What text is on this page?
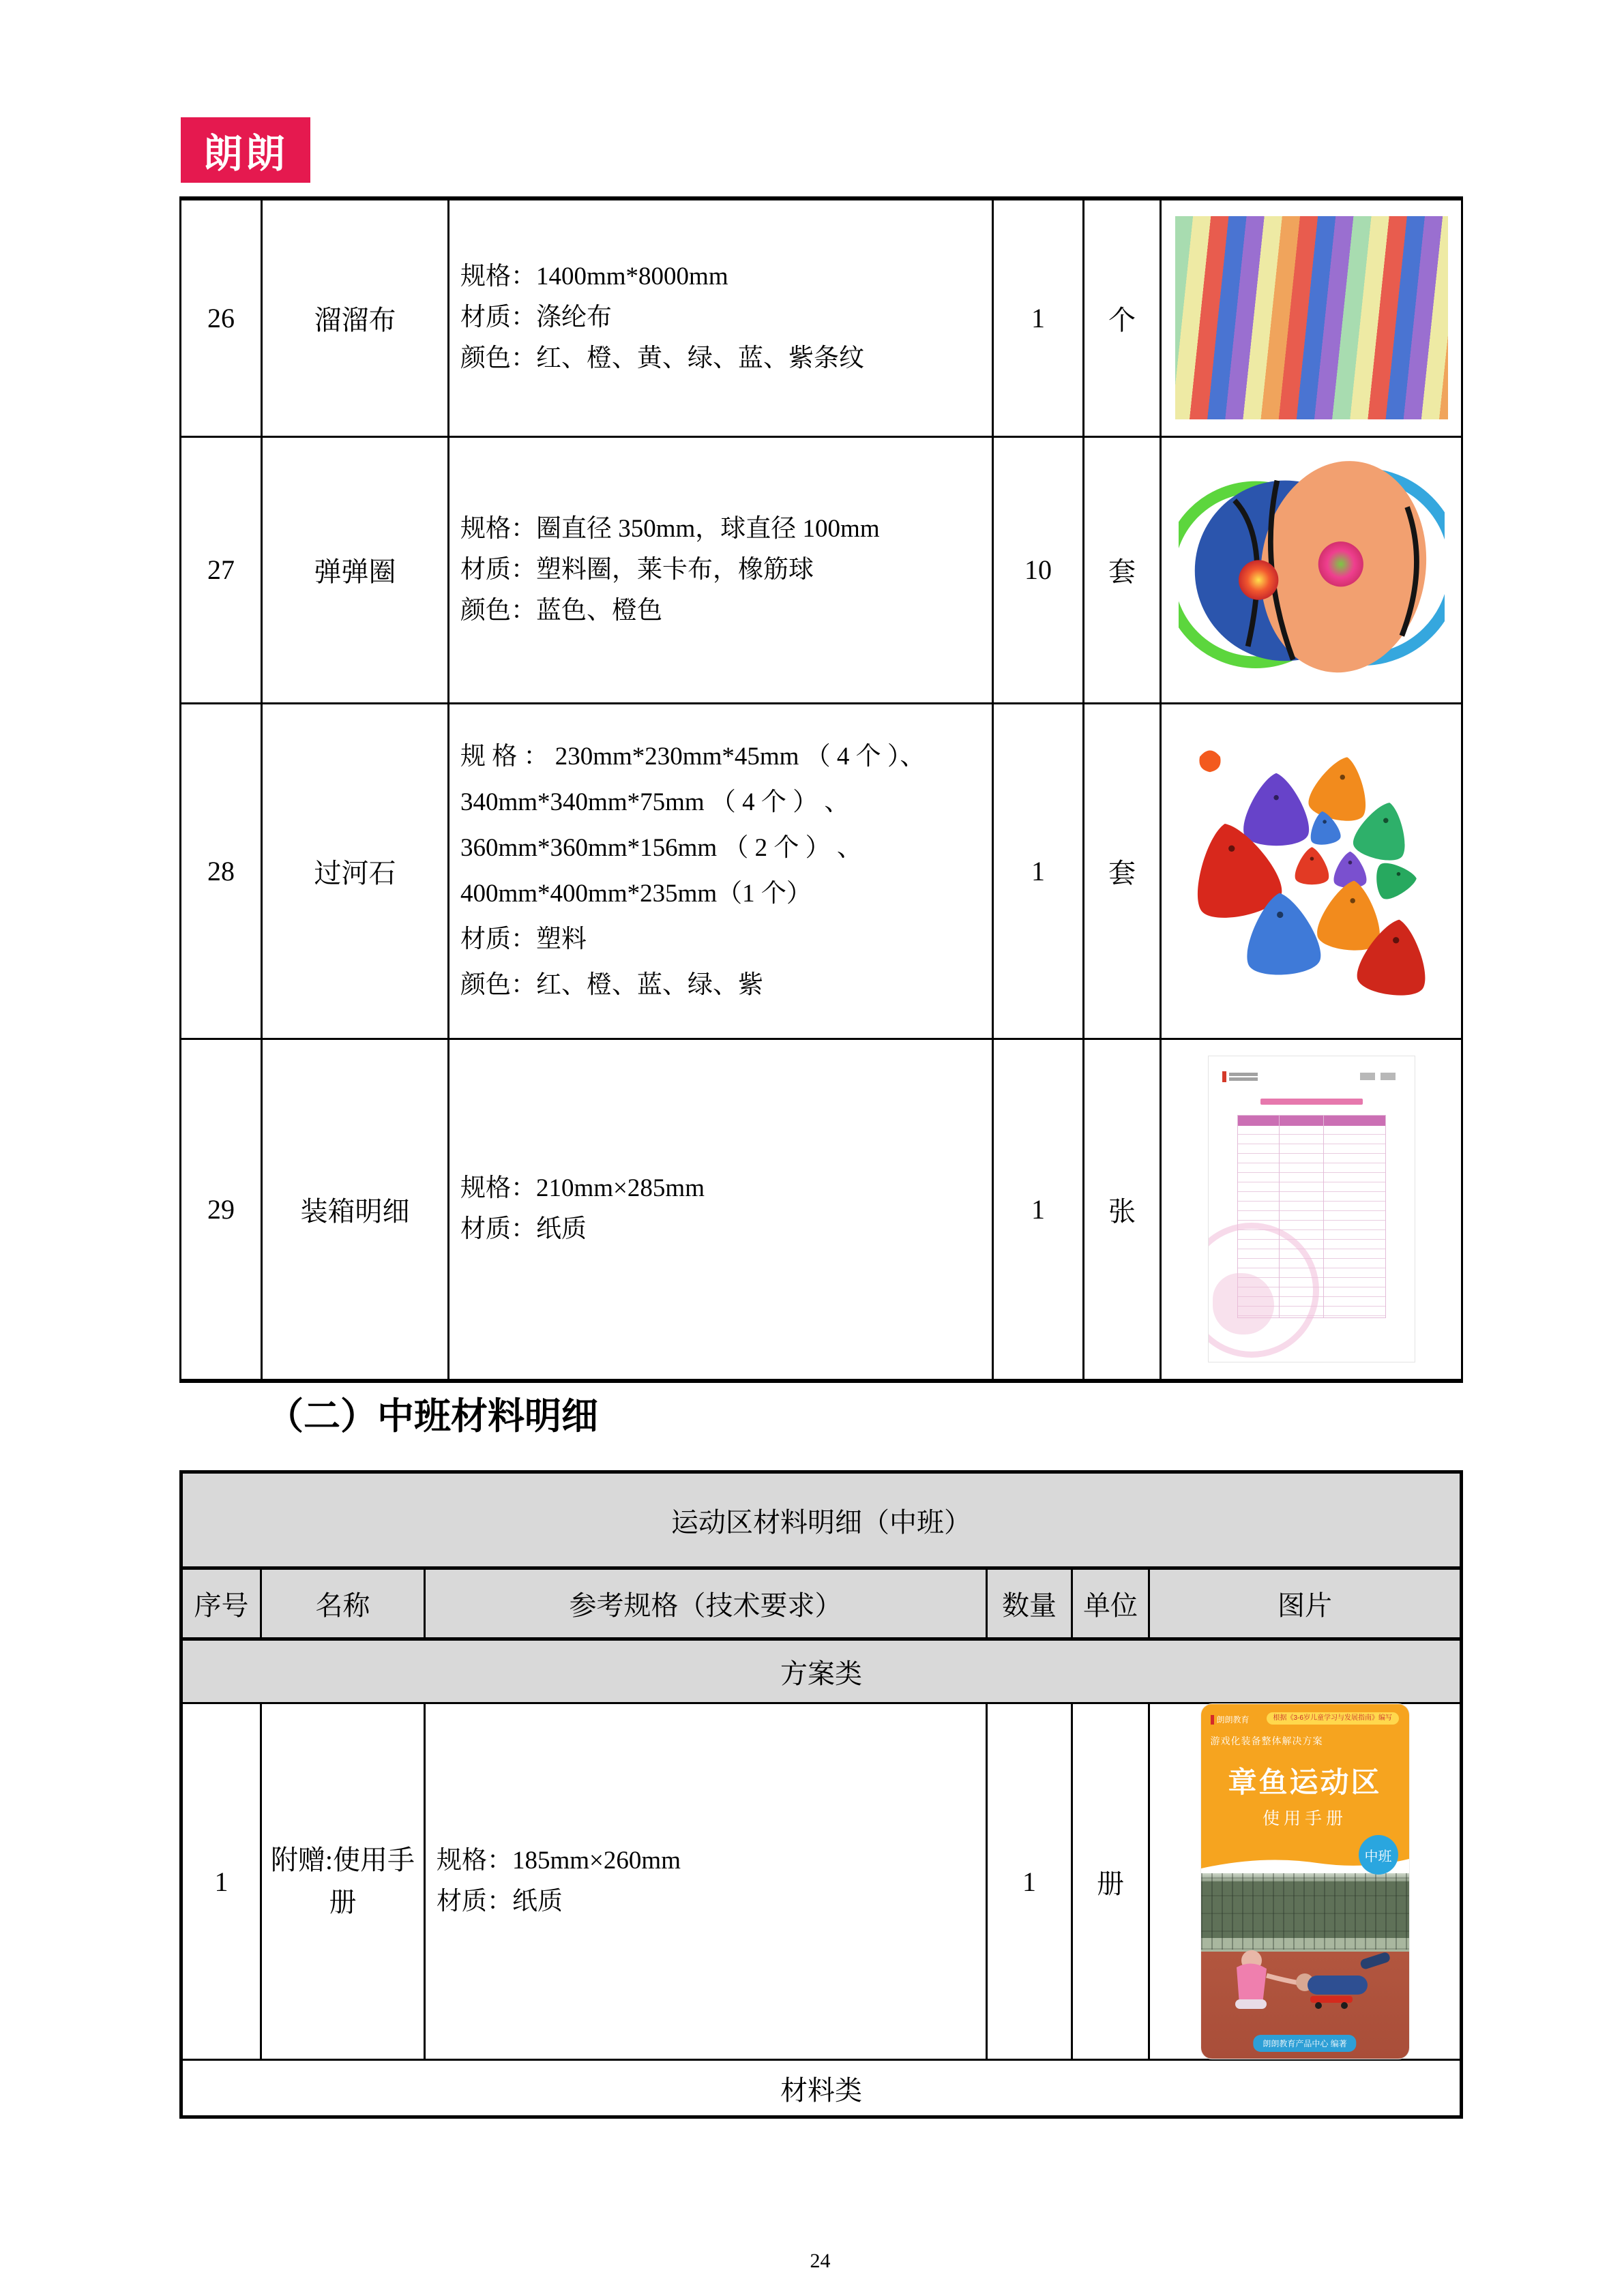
朗朗
26	溜溜布	规格：1400mm*8000mm
材质：涤纶布
颜色：红、橙、黄、绿、蓝、紫条纹	1	个	

27	弹弹圈	规格：圈直径 350mm，球直径 100mm
材质：塑料圈，莱卡布，橡筋球
颜色：蓝色、橙色	10	套	

28	过河石	
规 格 ： 230mm*230mm*45mm （ 4 个 ）、
340mm*340mm*75mm （ 4 个 ） 、
360mm*360mm*156mm （ 2 个 ） 、
400mm*400mm*235mm（1 个）
材质：塑料
颜色：红、橙、蓝、绿、紫
	1	套	

29	装箱明细	规格：210mm×285mm
材质：纸质	1	张	
（二）中班材料明细
运动区材料明细（中班）					
序号	名称	参考规格（技术要求）	数量	单位	图片
方案类					
1	附赠:使用手册	
规格：185mm×260mm
材质：纸质
	1	册	
朗朗教育	根据《3-6岁儿童学习与发展指南》编写
游戏化装备整体解决方案
章鱼运动区
使用手册
中班
朗朗教育产品中心 编著

材料类					
24
